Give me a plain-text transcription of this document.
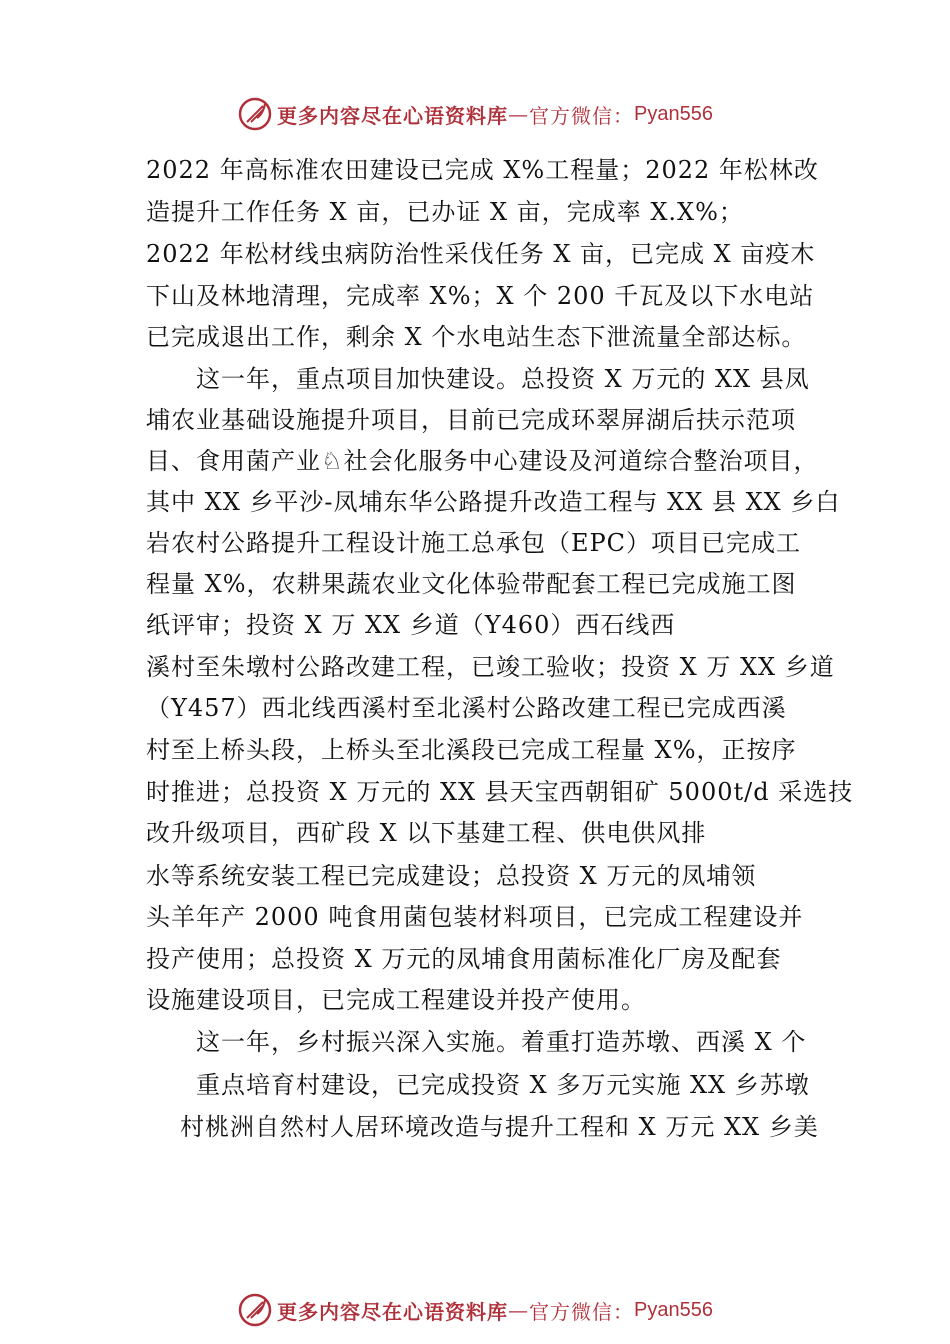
更多内容尽在心语资料库 — 官方微信： Pyan556
2022 年高标准农田建设已完成 X%工程量；2022 年松林改
造提升工作任务 X 亩，已办证 X 亩，完成率 X.X%；
2022 年松材线虫病防治性采伐任务 X 亩，已完成 X 亩疫木
下山及林地清理，完成率 X%；X 个 200 千瓦及以下水电站
已完成退出工作，剩余 X 个水电站生态下泄流量全部达标。
这一年，重点项目加快建设。总投资 X 万元的 XX 县凤
埔农业基础设施提升项目，目前已完成环翠屏湖后扶示范项
目、食用菌产业♘社会化服务中心建设及河道综合整治项目，
其中 XX 乡平沙-凤埔东华公路提升改造工程与 XX 县 XX 乡白
岩农村公路提升工程设计施工总承包（EPC）项目已完成工
程量 X%，农耕果蔬农业文化体验带配套工程已完成施工图
纸评审；投资 X 万 XX 乡道（Y460）西石线西
溪村至朱墩村公路改建工程，已竣工验收；投资 X 万 XX 乡道
（Y457）西北线西溪村至北溪村公路改建工程已完成西溪
村至上桥头段，上桥头至北溪段已完成工程量 X%，正按序
时推进；总投资 X 万元的 XX 县天宝西朝钼矿 5000t/d 采选技
改升级项目，西矿段 X 以下基建工程、供电供风排
水等系统安装工程已完成建设；总投资 X 万元的凤埔领
头羊年产 2000 吨食用菌包装材料项目，已完成工程建设并
投产使用；总投资 X 万元的凤埔食用菌标准化厂房及配套
设施建设项目，已完成工程建设并投产使用。
这一年，乡村振兴深入实施。着重打造苏墩、西溪 X 个
重点培育村建设，已完成投资 X 多万元实施 XX 乡苏墩
村桃洲自然村人居环境改造与提升工程和 X 万元 XX 乡美
更多内容尽在心语资料库 — 官方微信： Pyan556
